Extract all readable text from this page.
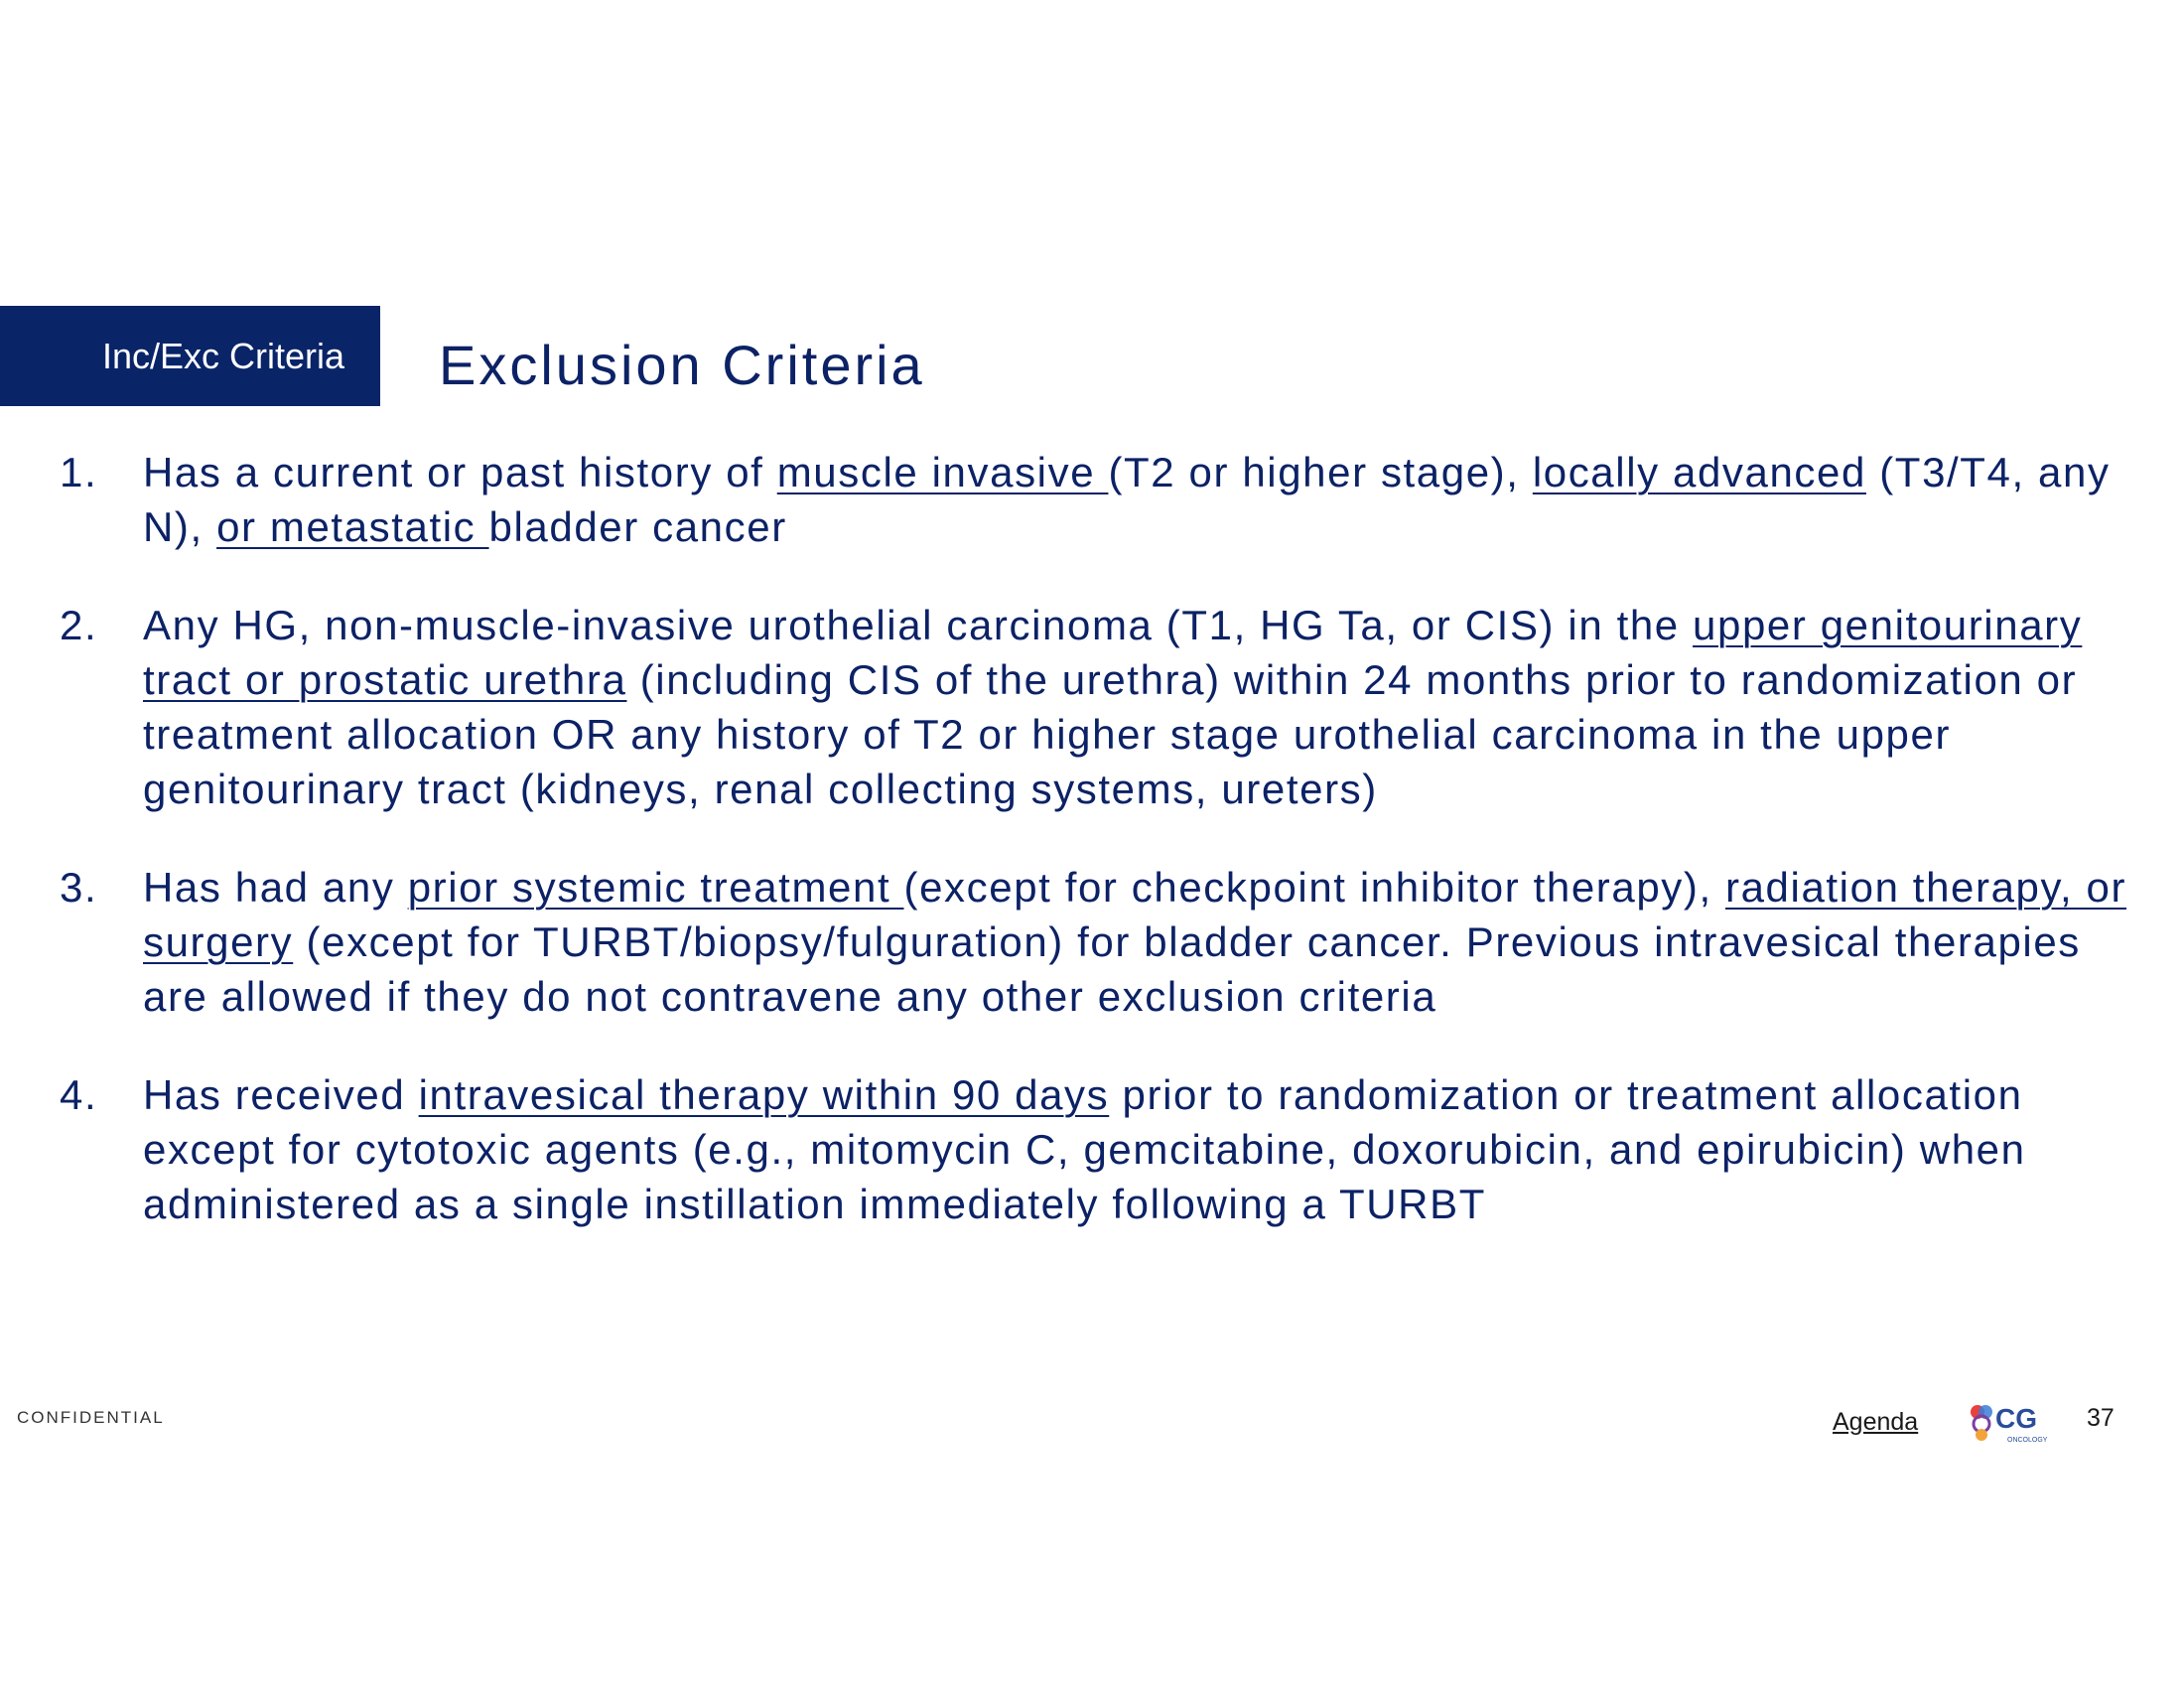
Inc/Exc Criteria Exclusion Criteria
1.	Has a current or past history of muscle invasive (T2 or higher stage), locally advanced (T3/T4, any N), or metastatic bladder cancer
2.	Any HG, non-muscle-invasive urothelial carcinoma (T1, HG Ta, or CIS) in the upper genitourinary tract or prostatic urethra (including CIS of the urethra) within 24 months prior to randomization or treatment allocation OR any history of T2 or higher stage urothelial carcinoma in the upper genitourinary tract (kidneys, renal collecting systems, ureters)
3.	Has had any prior systemic treatment (except for checkpoint inhibitor therapy), radiation therapy, or surgery (except for TURBT/biopsy/fulguration) for bladder cancer. Previous intravesical therapies are allowed if they do not contravene any other exclusion criteria
4.	Has received intravesical therapy within 90 days prior to randomization or treatment allocation except for cytotoxic agents (e.g., mitomycin C, gemcitabine, doxorubicin, and epirubicin) when administered as a single instillation immediately following a TURBT
CONFIDENTIAL	Agenda	CG
ONCOLOGY
37
